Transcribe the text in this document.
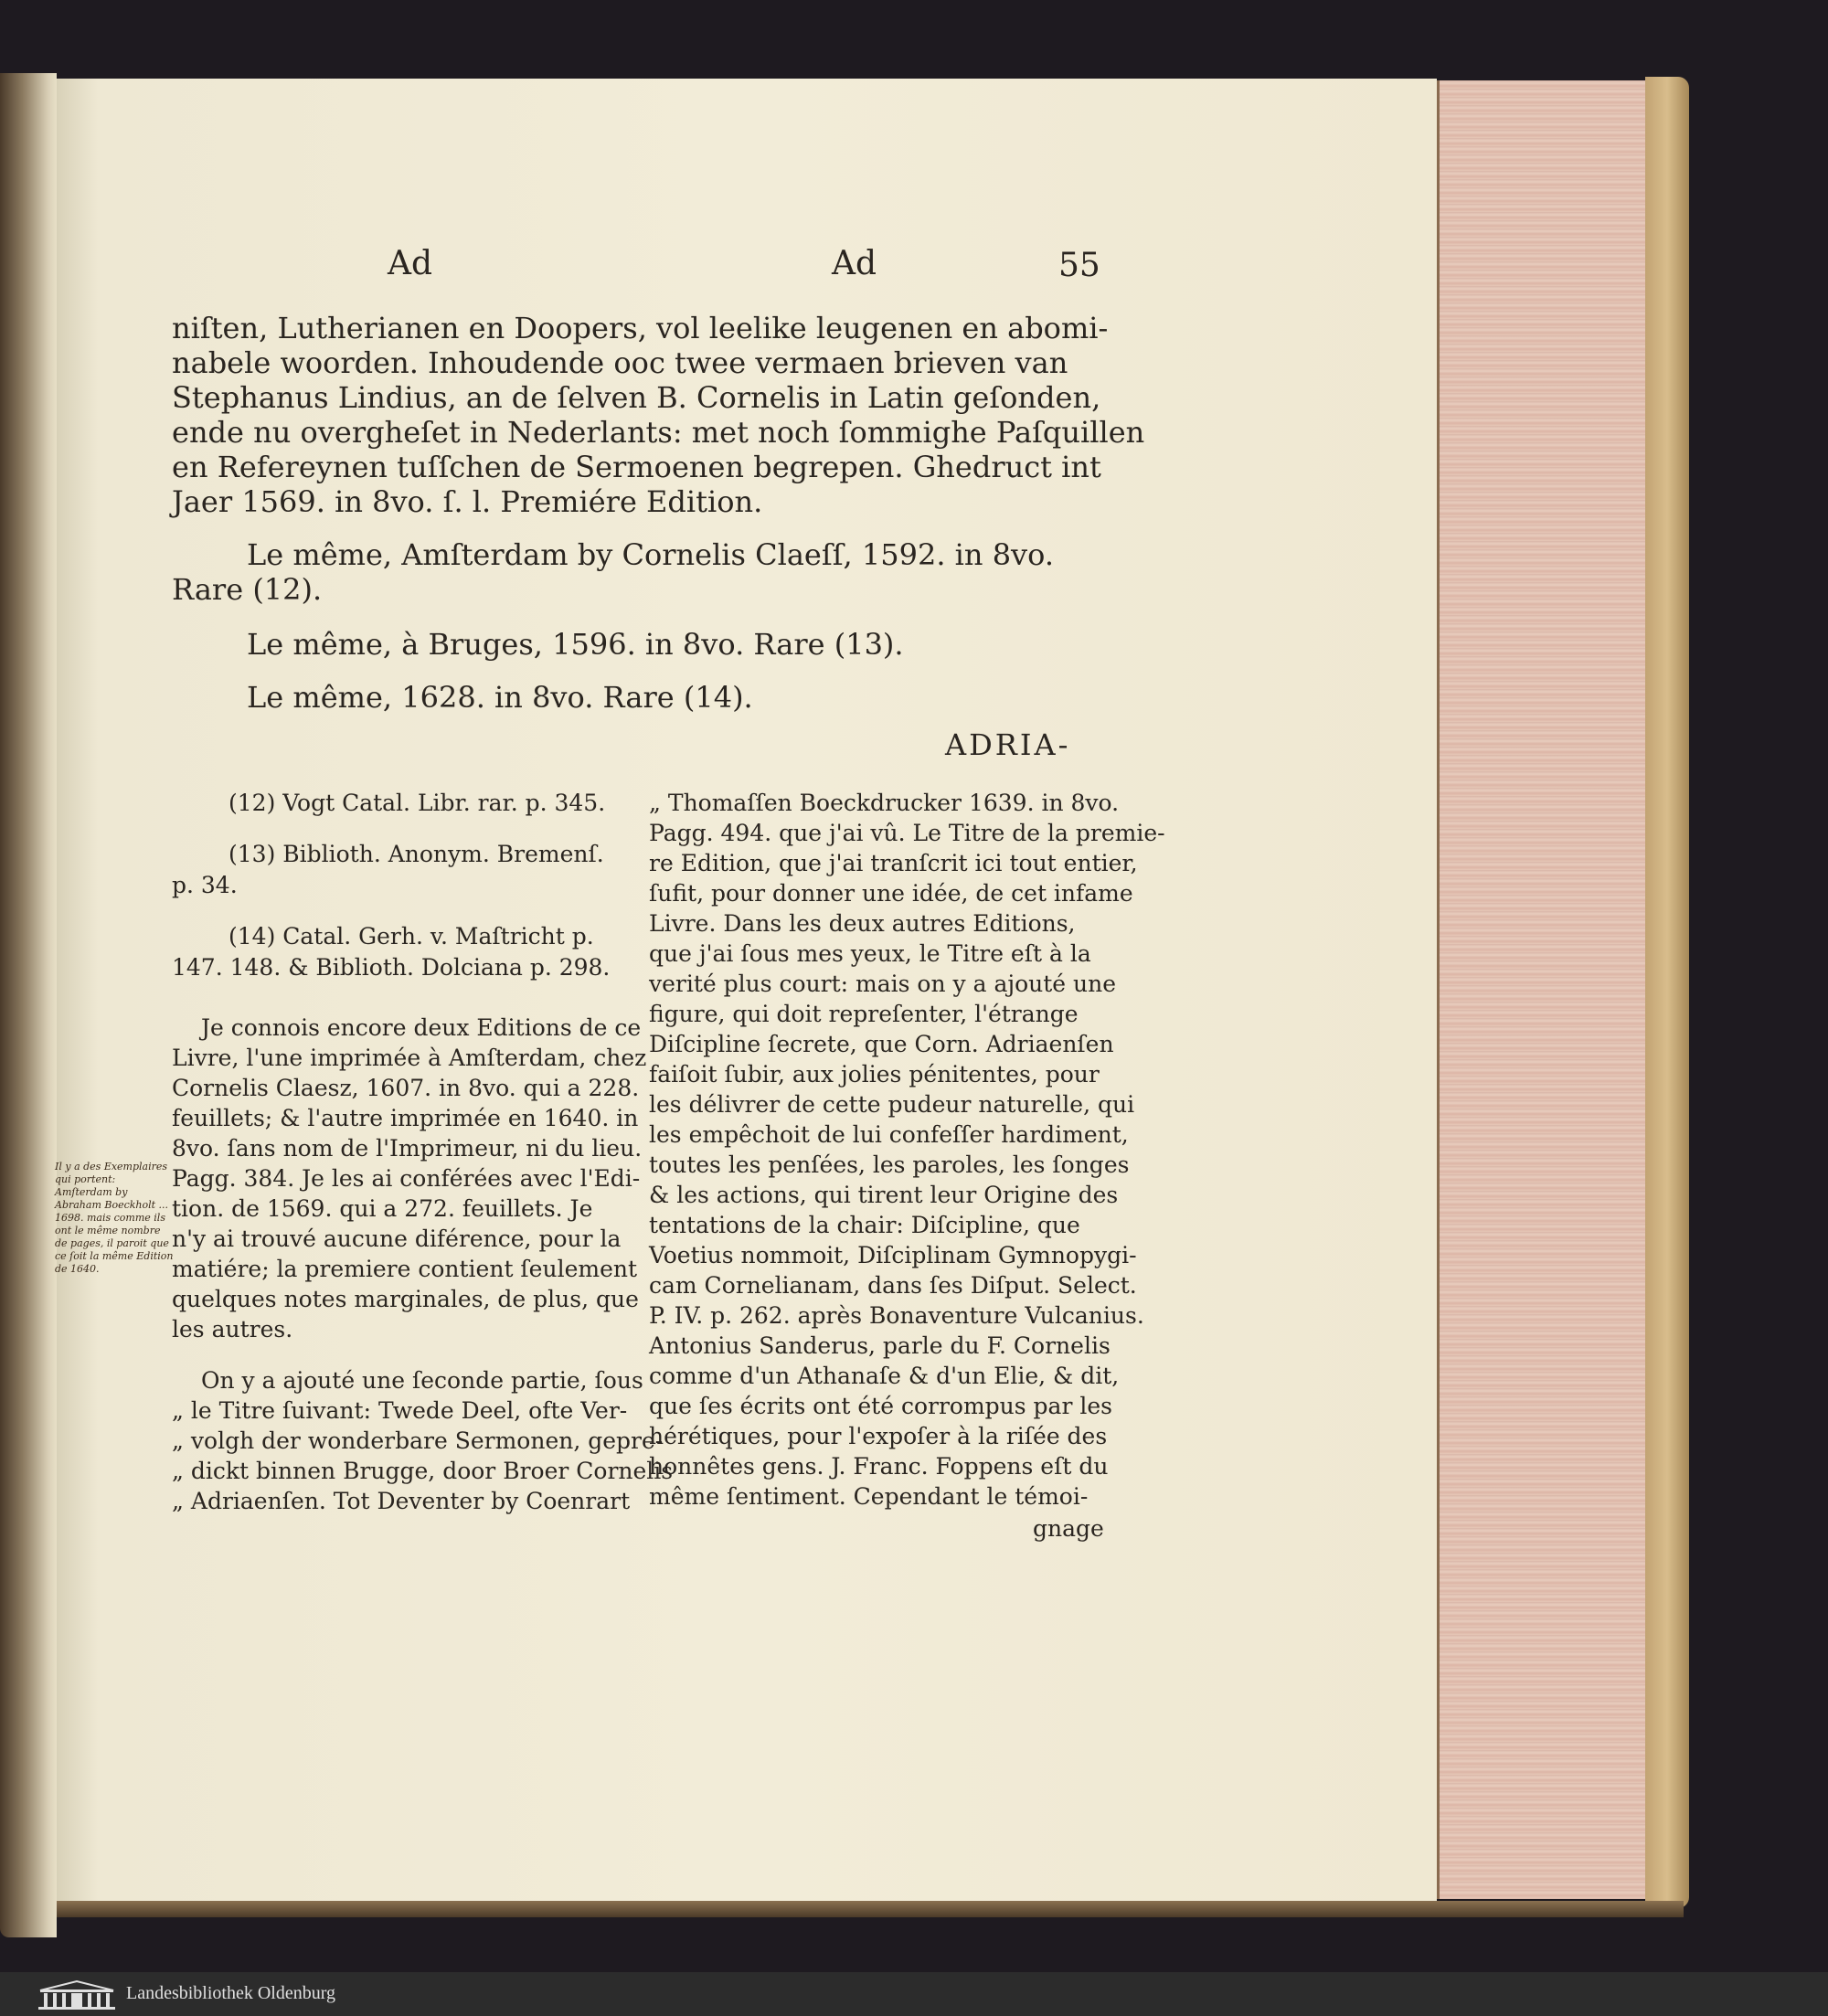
Ad	Ad	55
niſten, Lutherianen en Doopers, vol leelike leugenen en abomi-
nabele woorden. Inhoudende ooc twee vermaen brieven van
Stephanus Lindius, an de ſelven B. Cornelis in Latin geſonden,
ende nu overgheſet in Nederlants: met noch ſommighe Paſquillen
en Refereynen tuſſchen de Sermoenen begrepen. Ghedruct int
Jaer 1569. in 8vo. ſ. l. Premiére Edition.
Le même, Amſterdam by Cornelis Claeſſ, 1592. in 8vo.
Rare (12).
Le même, à Bruges, 1596. in 8vo. Rare (13).
Le même, 1628. in 8vo. Rare (14).
ADRIA-
(12) Vogt Catal. Libr. rar. p. 345.
(13) Biblioth. Anonym. Bremenſ.
p. 34.
(14) Catal. Gerh. v. Maſtricht p.
147. 148. & Biblioth. Dolciana p. 298.
Je connois encore deux Editions de ce
Livre, l'une imprimée à Amſterdam, chez
Cornelis Claesz, 1607. in 8vo. qui a 228.
feuillets; & l'autre imprimée en 1640. in
8vo. ſans nom de l'Imprimeur, ni du lieu.
Pagg. 384. Je les ai conférées avec l'Edi-
tion. de 1569. qui a 272. feuillets. Je
n'y ai trouvé aucune diférence, pour la
matiére; la premiere contient ſeulement
quelques notes marginales, de plus, que
les autres.
On y a ajouté une ſeconde partie, ſous
„ le Titre ſuivant: Twede Deel, ofte Ver-
„ volgh der wonderbare Sermonen, gepre-
„ dickt binnen Brugge, door Broer Cornelis
„ Adriaenſen. Tot Deventer by Coenrart
Il y a des Exemplaires qui portent: Amſterdam by Abraham Boeckholt ... 1698. mais comme ils ont le même nombre de pages, il paroit que ce ſoit la même Edition de 1640.
„ Thomaſſen Boeckdrucker 1639. in 8vo.
Pagg. 494. que j'ai vû. Le Titre de la premie-
re Edition, que j'ai tranſcrit ici tout entier,
ſufit, pour donner une idée, de cet infame
Livre. Dans les deux autres Editions,
que j'ai ſous mes yeux, le Titre eſt à la
verité plus court: mais on y a ajouté une
figure, qui doit repreſenter, l'étrange
Diſcipline ſecrete, que Corn. Adriaenſen
faiſoit ſubir, aux jolies pénitentes, pour
les délivrer de cette pudeur naturelle, qui
les empêchoit de lui confeſſer hardiment,
toutes les penſées, les paroles, les ſonges
& les actions, qui tirent leur Origine des
tentations de la chair: Diſcipline, que
Voetius nommoit, Diſciplinam Gymnopygi-
cam Cornelianam, dans ſes Diſput. Select.
P. IV. p. 262. après Bonaventure Vulcanius.
Antonius Sanderus, parle du F. Cornelis
comme d'un Athanaſe & d'un Elie, & dit,
que ſes écrits ont été corrompus par les
hérétiques, pour l'expoſer à la riſée des
honnêtes gens. J. Franc. Foppens eſt du
même ſentiment. Cependant le témoi-
gnage
Landesbibliothek Oldenburg
